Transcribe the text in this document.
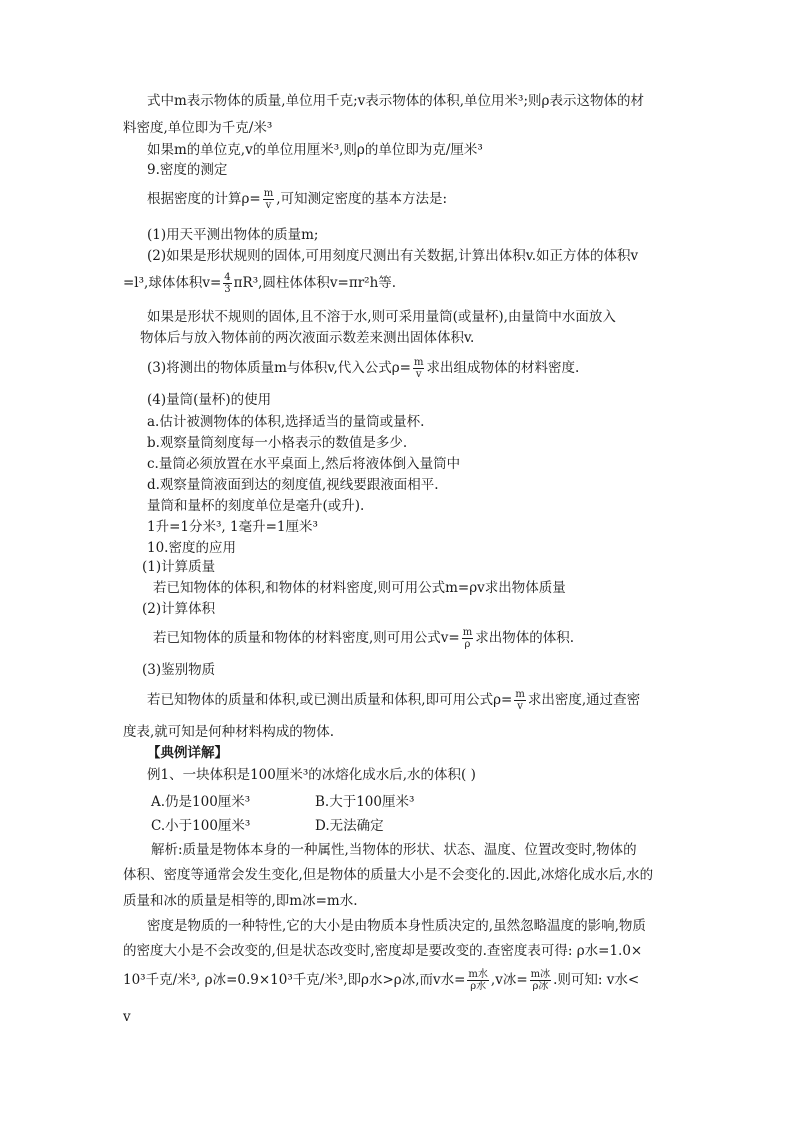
式中m表示物体的质量,单位用千克;v表示物体的体积,单位用米³;则ρ表示这物体的材
料密度,单位即为千克/米³
如果m的单位克,v的单位用厘米³,则ρ的单位即为克/厘米³
9.密度的测定
根据密度的计算$\rho= \frac{m}{v}$ ,可知测定密度的基本方法是:
(1)用天平测出物体的质量m;
(2)如果是形状规则的固体,可用刻度尺测出有关数据,计算出体积v.如正方体的体积v
=l³,球体体积$v= \frac{4}{3} \pi R^3$,圆柱体体积v=πr²h等.
如果是形状不规则的固体,且不溶于水,则可采用量筒(或量杯),由量筒中水面放入
物体后与放入物体前的两次液面示数差来测出固体体积v.
(3)将测出的物体质量m与体积v,代入公式$\rho= \frac{m}{v}$ 求出组成物体的材料密度.
(4)量筒(量杯)的使用
a.估计被测物体的体积,选择适当的量筒或量杯.
b.观察量筒刻度每一小格表示的数值是多少.
c.量筒必须放置在水平桌面上,然后将液体倒入量筒中
d.观察量筒液面到达的刻度值,视线要跟液面相平.
量筒和量杯的刻度单位是毫升(或升).
1升=1分米³, 1毫升=1厘米³
10.密度的应用
(1)计算质量
若已知物体的体积,和物体的材料密度,则可用公式m=ρv求出物体质量
(2)计算体积
若已知物体的质量和物体的材料密度,则可用公式$v= \frac{m}{\rho}$ 求出物体的体积.
(3)鉴别物质
若已知物体的质量和体积,或已测出质量和体积,即可用公式$\rho= \frac{m}{v}$ 求出密度,通过查密
度表,就可知是何种材料构成的物体.
【典例详解】
例1、一块体积是100厘米³的冰熔化成水后,水的体积( )
A.仍是100厘米³	B.大于100厘米³
C.小于100厘米³	D.无法确定
解析:质量是物体本身的一种属性,当物体的形状、状态、温度、位置改变时,物体的
体积、密度等通常会发生变化,但是物体的质量大小是不会变化的.因此,冰熔化成水后,水的
质量和冰的质量是相等的,即m冰=m水.
密度是物质的一种特性,它的大小是由物质本身性质决定的,虽然忽略温度的影响,物质
的密度大小是不会改变的,但是状态改变时,密度却是要改变的.查密度表可得: ρ水=1.0×
10³千克/米³, ρ冰=0.9×10³千克/米³,即ρ水>ρ冰,而v水= $\frac{\text{m水}}{\text{ρ水}} ,v$冰= $\frac{\text{m冰}}{\text{ρ冰}}$ .则可知: v水<
v
